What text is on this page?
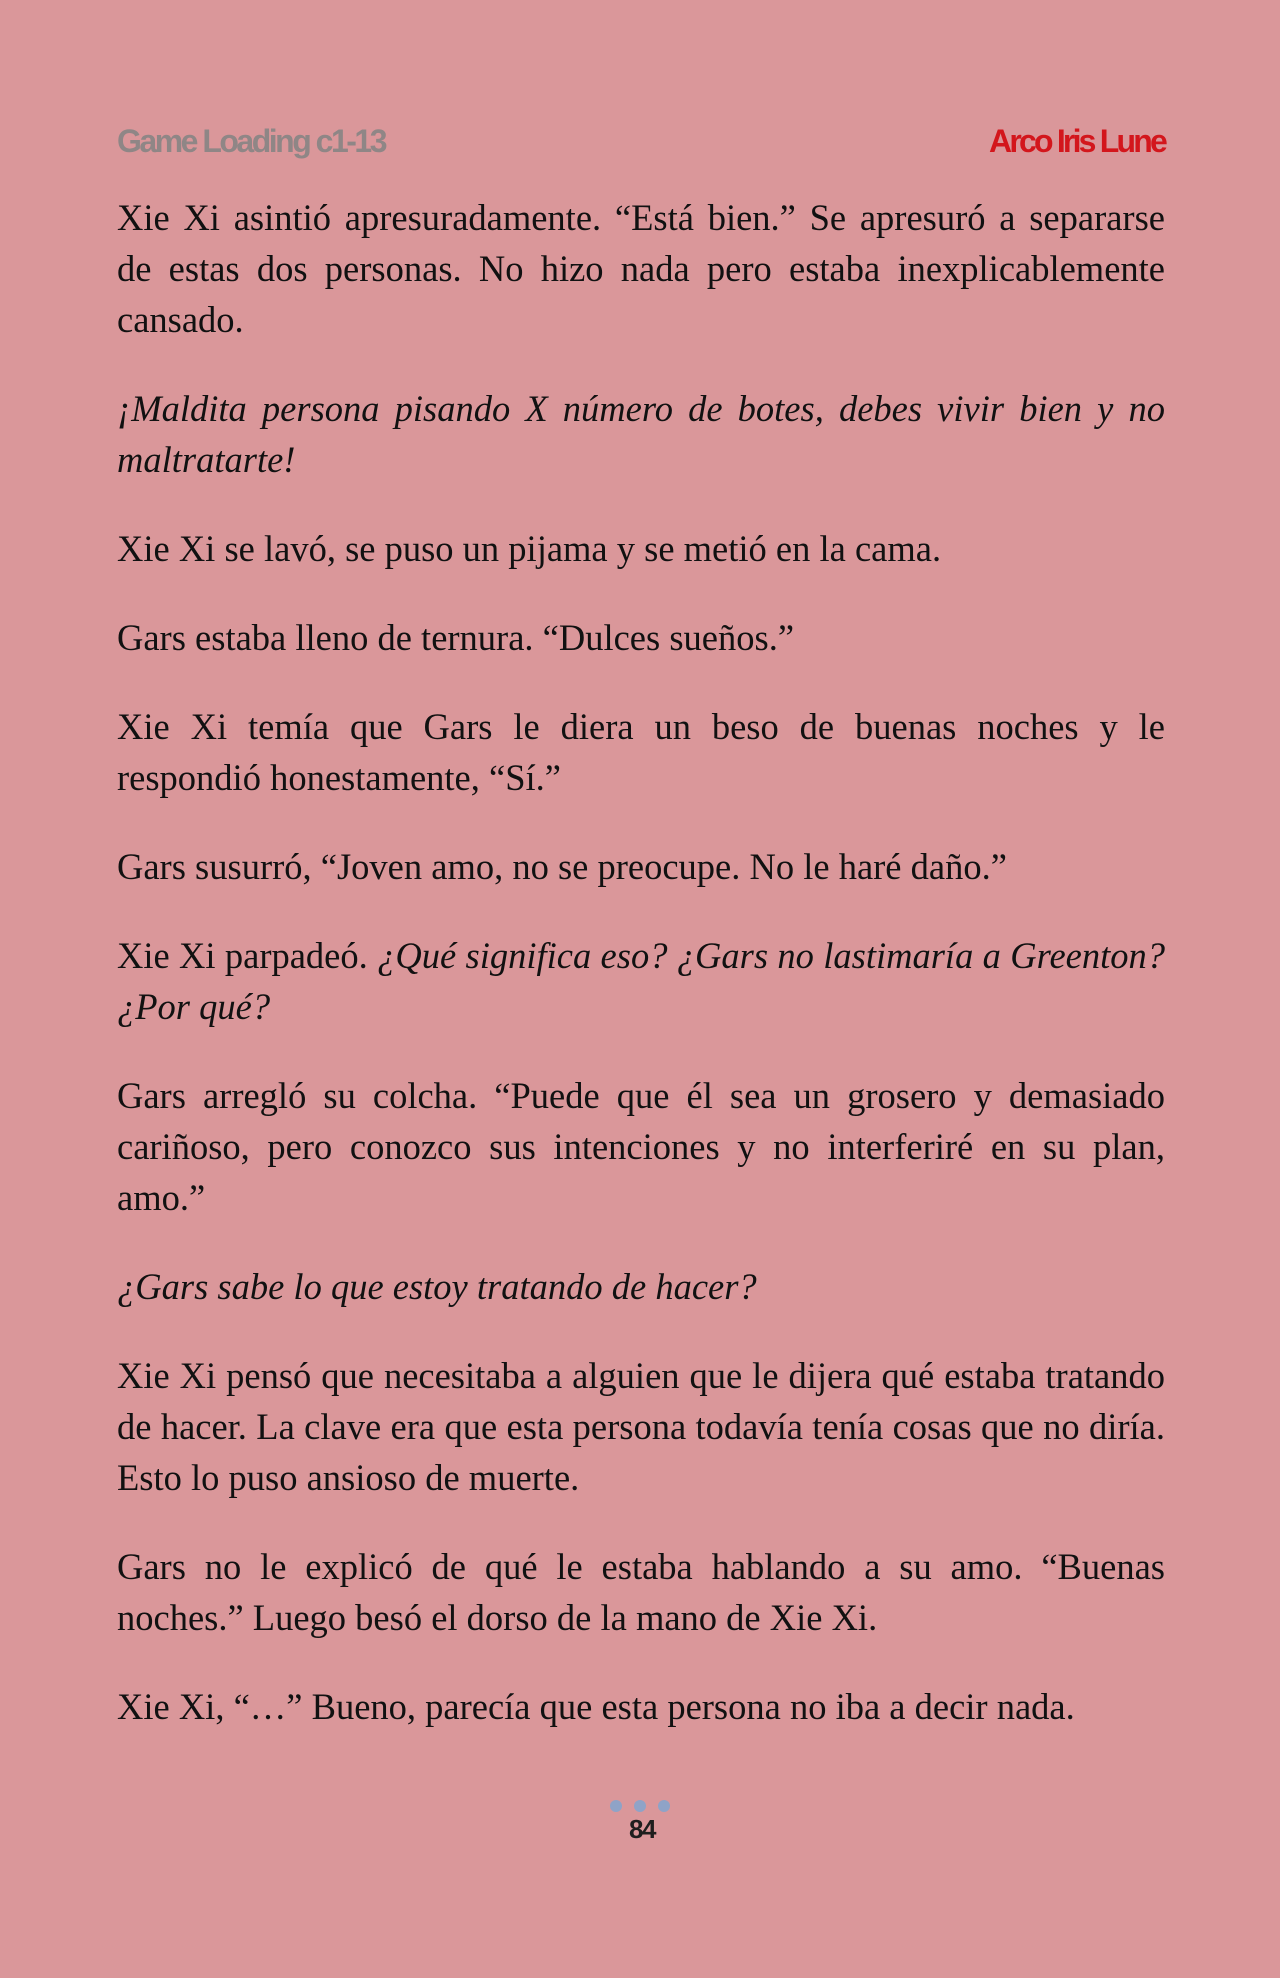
Game Loading c1-13	Arco Iris Lune

Xie Xi asintió apresuradamente. “Está bien.” Se apresuró a separarse de estas dos personas. No hizo nada pero estaba inexplicablemente cansado.

¡Maldita persona pisando X número de botes, debes vivir bien y no maltratarte!

Xie Xi se lavó, se puso un pijama y se metió en la cama.

Gars estaba lleno de ternura. “Dulces sueños.”

Xie Xi temía que Gars le diera un beso de buenas noches y le respondió honestamente, “Sí.”

Gars susurró, “Joven amo, no se preocupe. No le haré daño.”

Xie Xi parpadeó. ¿Qué significa eso? ¿Gars no lastimaría a Greenton? ¿Por qué?

Gars arregló su colcha. “Puede que él sea un grosero y demasiado cariñoso, pero conozco sus intenciones y no interferiré en su plan, amo.”

¿Gars sabe lo que estoy tratando de hacer?

Xie Xi pensó que necesitaba a alguien que le dijera qué estaba tratando de hacer. La clave era que esta persona todavía tenía cosas que no diría. Esto lo puso ansioso de muerte.

Gars no le explicó de qué le estaba hablando a su amo. “Buenas noches.” Luego besó el dorso de la mano de Xie Xi.

Xie Xi, “…” Bueno, parecía que esta persona no iba a decir nada.

84
